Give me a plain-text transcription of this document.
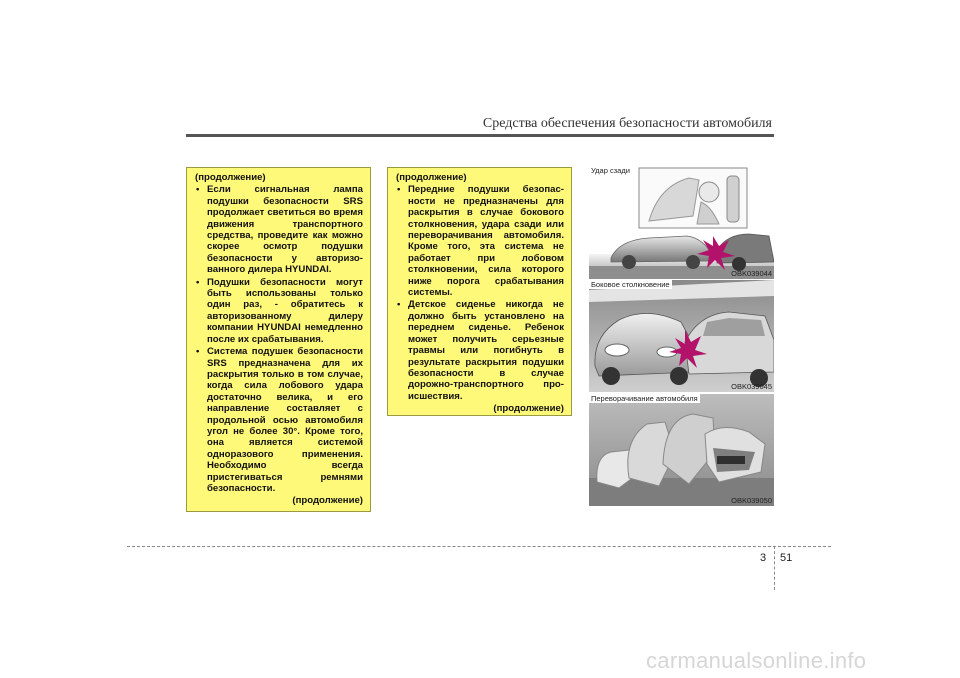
Средства обеспечения безопасности автомобиля
(продолжение)
• Если сигнальная лампа подушки безопасности SRS продолжает светиться во время движения транспортного средства, проведите как можно скорее осмотр подушки безопасности у авторизо-ванного дилера HYUNDAI.
• Подушки безопасности могут быть использованы только один раз, - обратитесь к авторизованному дилеру компании HYUNDAI немедленно после их срабатывания.
• Система подушек безопасности SRS предназначена для их раскрытия только в том случае, когда сила лобового удара достаточно велика, и его направление составляет с продольной осью автомобиля угол не более 30°. Кроме того, она является системой одноразового применения. Необходимо всегда пристегиваться ремнями безопасности.
(продолжение)
(продолжение)
• Передние подушки безопас-ности не предназначены для раскрытия в случае бокового столкновения, удара сзади или переворачивания автомобиля. Кроме того, эта система не работает при лобовом столкновении, сила которого ниже порога срабатывания системы.
• Детское сиденье никогда не должно быть установлено на переднем сиденье. Ребенок может получить серьезные травмы или погибнуть в результате раскрытия подушки безопасности в случае дорожно-транспортного про-исшествия.
(продолжение)
Удар сзади
OBK039044
Боковое столкновение
OBK039045
Переворачивание автомобиля
OBK039050
3 51
carmanualsonline.info
